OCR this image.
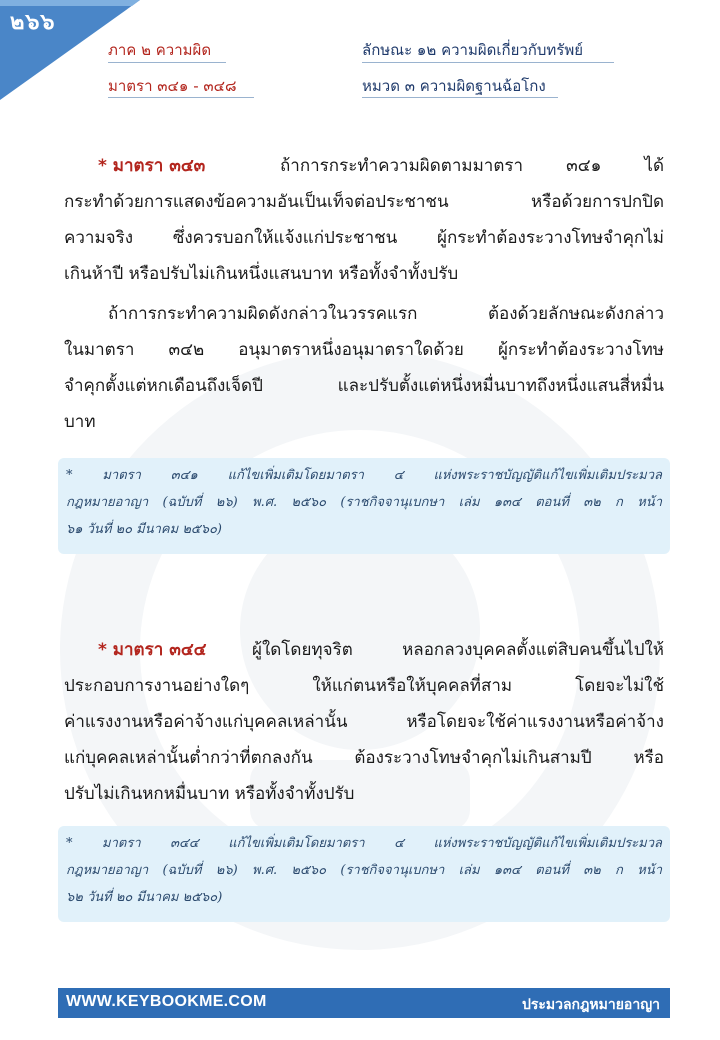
๒๖๖
ภาค ๒ ความผิด
มาตรา ๓๔๑ - ๓๔๘
ลักษณะ ๑๒ ความผิดเกี่ยวกับทรัพย์
หมวด ๓ ความผิดฐานฉ้อโกง
* มาตรา ๓๔๓	ถ้าการกระทำความผิดตามมาตรา ๓๔๑ ได้
กระทำด้วยการแสดงข้อความอันเป็นเท็จต่อประชาชน หรือด้วยการปกปิด
ความจริง ซึ่งควรบอกให้แจ้งแก่ประชาชน ผู้กระทำต้องระวางโทษจำคุกไม่
เกินห้าปี หรือปรับไม่เกินหนึ่งแสนบาท หรือทั้งจำทั้งปรับ
ถ้าการกระทำความผิดดังกล่าวในวรรคแรก ต้องด้วยลักษณะดังกล่าว
ในมาตรา ๓๔๒ อนุมาตราหนึ่งอนุมาตราใดด้วย ผู้กระทำต้องระวางโทษ
จำคุกตั้งแต่หกเดือนถึงเจ็ดปี และปรับตั้งแต่หนึ่งหมื่นบาทถึงหนึ่งแสนสี่หมื่น
บาท
* มาตรา ๓๔๑ แก้ไขเพิ่มเติมโดยมาตรา ๔ แห่งพระราชบัญญัติแก้ไขเพิ่มเติมประมวล
กฎหมายอาญา (ฉบับที่ ๒๖) พ.ศ. ๒๕๖๐ (ราชกิจจานุเบกษา เล่ม ๑๓๔ ตอนที่ ๓๒ ก หน้า
๖๑ วันที่ ๒๐ มีนาคม ๒๕๖๐)
* มาตรา ๓๔๔	ผู้ใดโดยทุจริต หลอกลวงบุคคลตั้งแต่สิบคนขึ้นไปให้
ประกอบการงานอย่างใดๆ ให้แก่ตนหรือให้บุคคลที่สาม โดยจะไม่ใช้
ค่าแรงงานหรือค่าจ้างแก่บุคคลเหล่านั้น หรือโดยจะใช้ค่าแรงงานหรือค่าจ้าง
แก่บุคคลเหล่านั้นต่ำกว่าที่ตกลงกัน ต้องระวางโทษจำคุกไม่เกินสามปี หรือ
ปรับไม่เกินหกหมื่นบาท หรือทั้งจำทั้งปรับ
* มาตรา ๓๔๔ แก้ไขเพิ่มเติมโดยมาตรา ๔ แห่งพระราชบัญญัติแก้ไขเพิ่มเติมประมวล
กฎหมายอาญา (ฉบับที่ ๒๖) พ.ศ. ๒๕๖๐ (ราชกิจจานุเบกษา เล่ม ๑๓๔ ตอนที่ ๓๒ ก หน้า
๖๒ วันที่ ๒๐ มีนาคม ๒๕๖๐)
WWW.KEYBOOKME.COM	ประมวลกฎหมายอาญา
